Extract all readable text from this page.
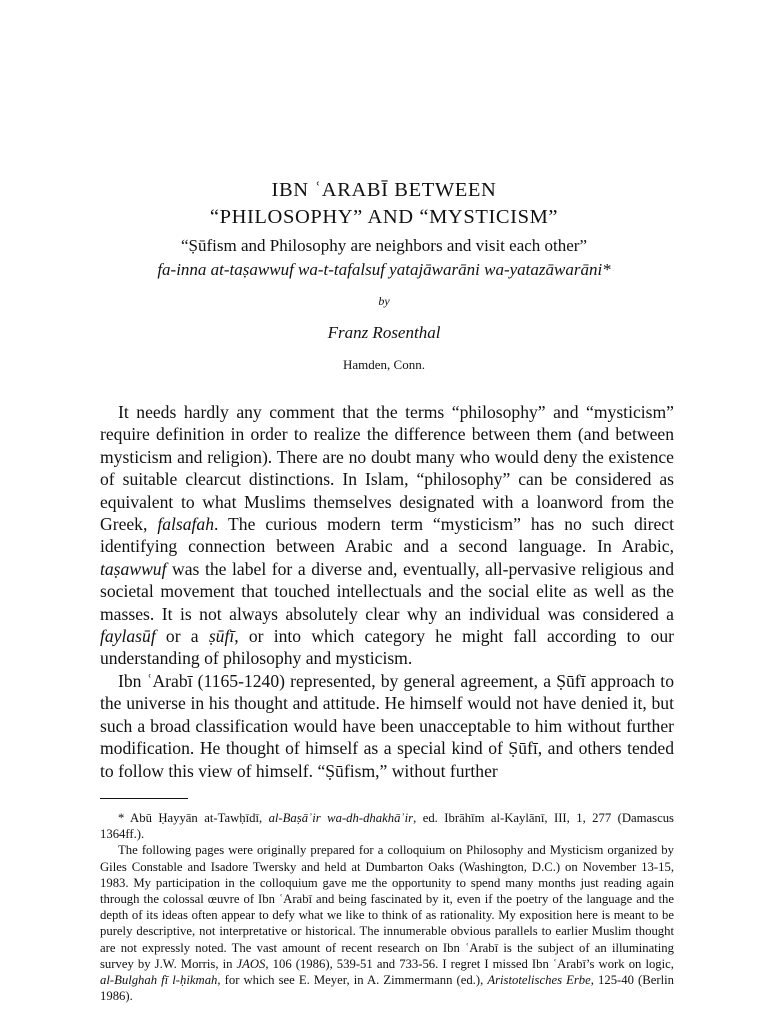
IBN ʿARABĪ BETWEEN
“PHILOSOPHY” AND “MYSTICISM”
“Ṣūfism and Philosophy are neighbors and visit each other”
fa-inna at-taṣawwuf wa-t-tafalsuf yatajāwarāni wa-yatazāwarāni*
by
Franz Rosenthal
Hamden, Conn.

It needs hardly any comment that the terms “philosophy” and “mysticism” require definition in order to realize the difference between them (and between mysticism and religion). There are no doubt many who would deny the existence of suitable clearcut distinctions. In Islam, “philosophy” can be considered as equivalent to what Muslims themselves designated with a loanword from the Greek, falsafah. The curious modern term “mysticism” has no such direct identifying connection between Arabic and a second language. In Arabic, taṣawwuf was the label for a diverse and, eventually, all-pervasive religious and societal movement that touched intellectuals and the social elite as well as the masses. It is not always absolutely clear why an individual was considered a faylasūf or a ṣūfī, or into which category he might fall according to our understanding of philosophy and mysticism.

Ibn ʿArabī (1165-1240) represented, by general agreement, a Ṣūfī approach to the universe in his thought and attitude. He himself would not have denied it, but such a broad classification would have been unacceptable to him without further modification. He thought of himself as a special kind of Ṣūfī, and others tended to follow this view of himself. “Ṣūfism,” without further

* Abū Ḥayyān at-Tawḥīdī, al-Baṣāʾir wa-dh-dhakhāʾir, ed. Ibrāhīm al-Kaylānī, III, 1, 277 (Damascus 1364ff.).

The following pages were originally prepared for a colloquium on Philosophy and Mysticism organized by Giles Constable and Isadore Twersky and held at Dumbarton Oaks (Washington, D.C.) on November 13-15, 1983. My participation in the colloquium gave me the opportunity to spend many months just reading again through the colossal œuvre of Ibn ʿArabī and being fascinated by it, even if the poetry of the language and the depth of its ideas often appear to defy what we like to think of as rationality. My exposition here is meant to be purely descriptive, not interpretative or historical. The innumerable obvious parallels to earlier Muslim thought are not expressly noted. The vast amount of recent research on Ibn ʿArabī is the subject of an illuminating survey by J.W. Morris, in JAOS, 106 (1986), 539-51 and 733-56. I regret I missed Ibn ʿArabī’s work on logic, al-Bulghah fī l-ḥikmah, for which see E. Meyer, in A. Zimmermann (ed.), Aristotelisches Erbe, 125-40 (Berlin 1986).
